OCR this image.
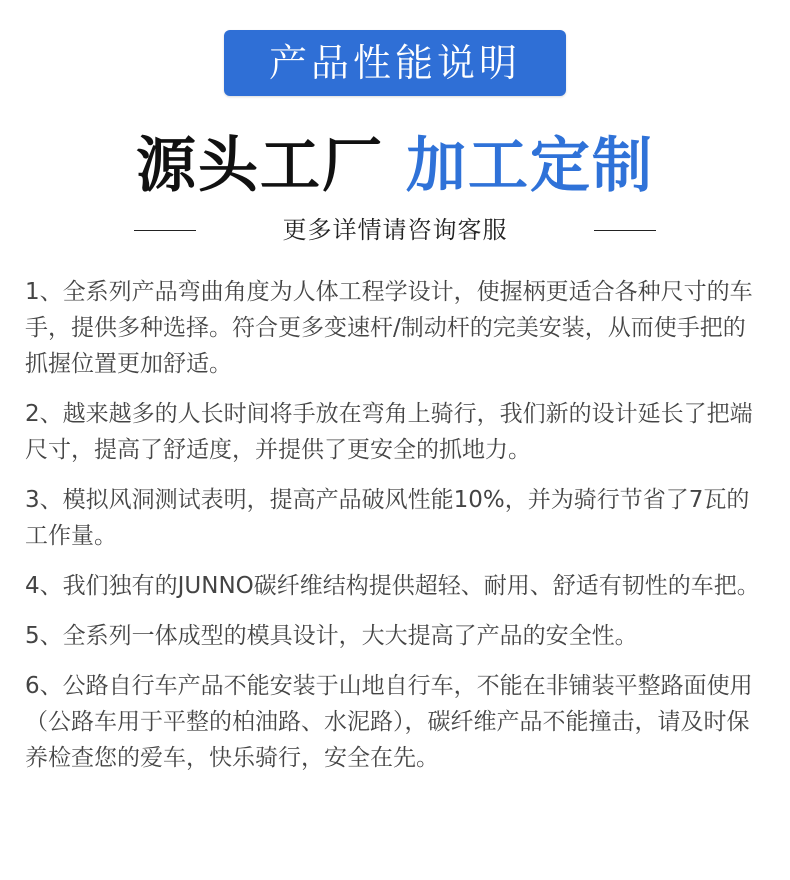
产品性能说明
源头工厂 加工定制
更多详情请咨询客服

1、全系列产品弯曲角度为人体工程学设计，使握柄更适合各种尺寸的车手，提供多种选择。符合更多变速杆/制动杆的完美安装，从而使手把的抓握位置更加舒适。

2、越来越多的人长时间将手放在弯角上骑行，我们新的设计延长了把端尺寸，提高了舒适度，并提供了更安全的抓地力。

3、模拟风洞测试表明，提高产品破风性能10%，并为骑行节省了7瓦的工作量。

4、我们独有的JUNNO碳纤维结构提供超轻、耐用、舒适有韧性的车把。

5、全系列一体成型的模具设计，大大提高了产品的安全性。

6、公路自行车产品不能安装于山地自行车，不能在非铺装平整路面使用（公路车用于平整的柏油路、水泥路），碳纤维产品不能撞击，请及时保养检查您的爱车，快乐骑行，安全在先。
